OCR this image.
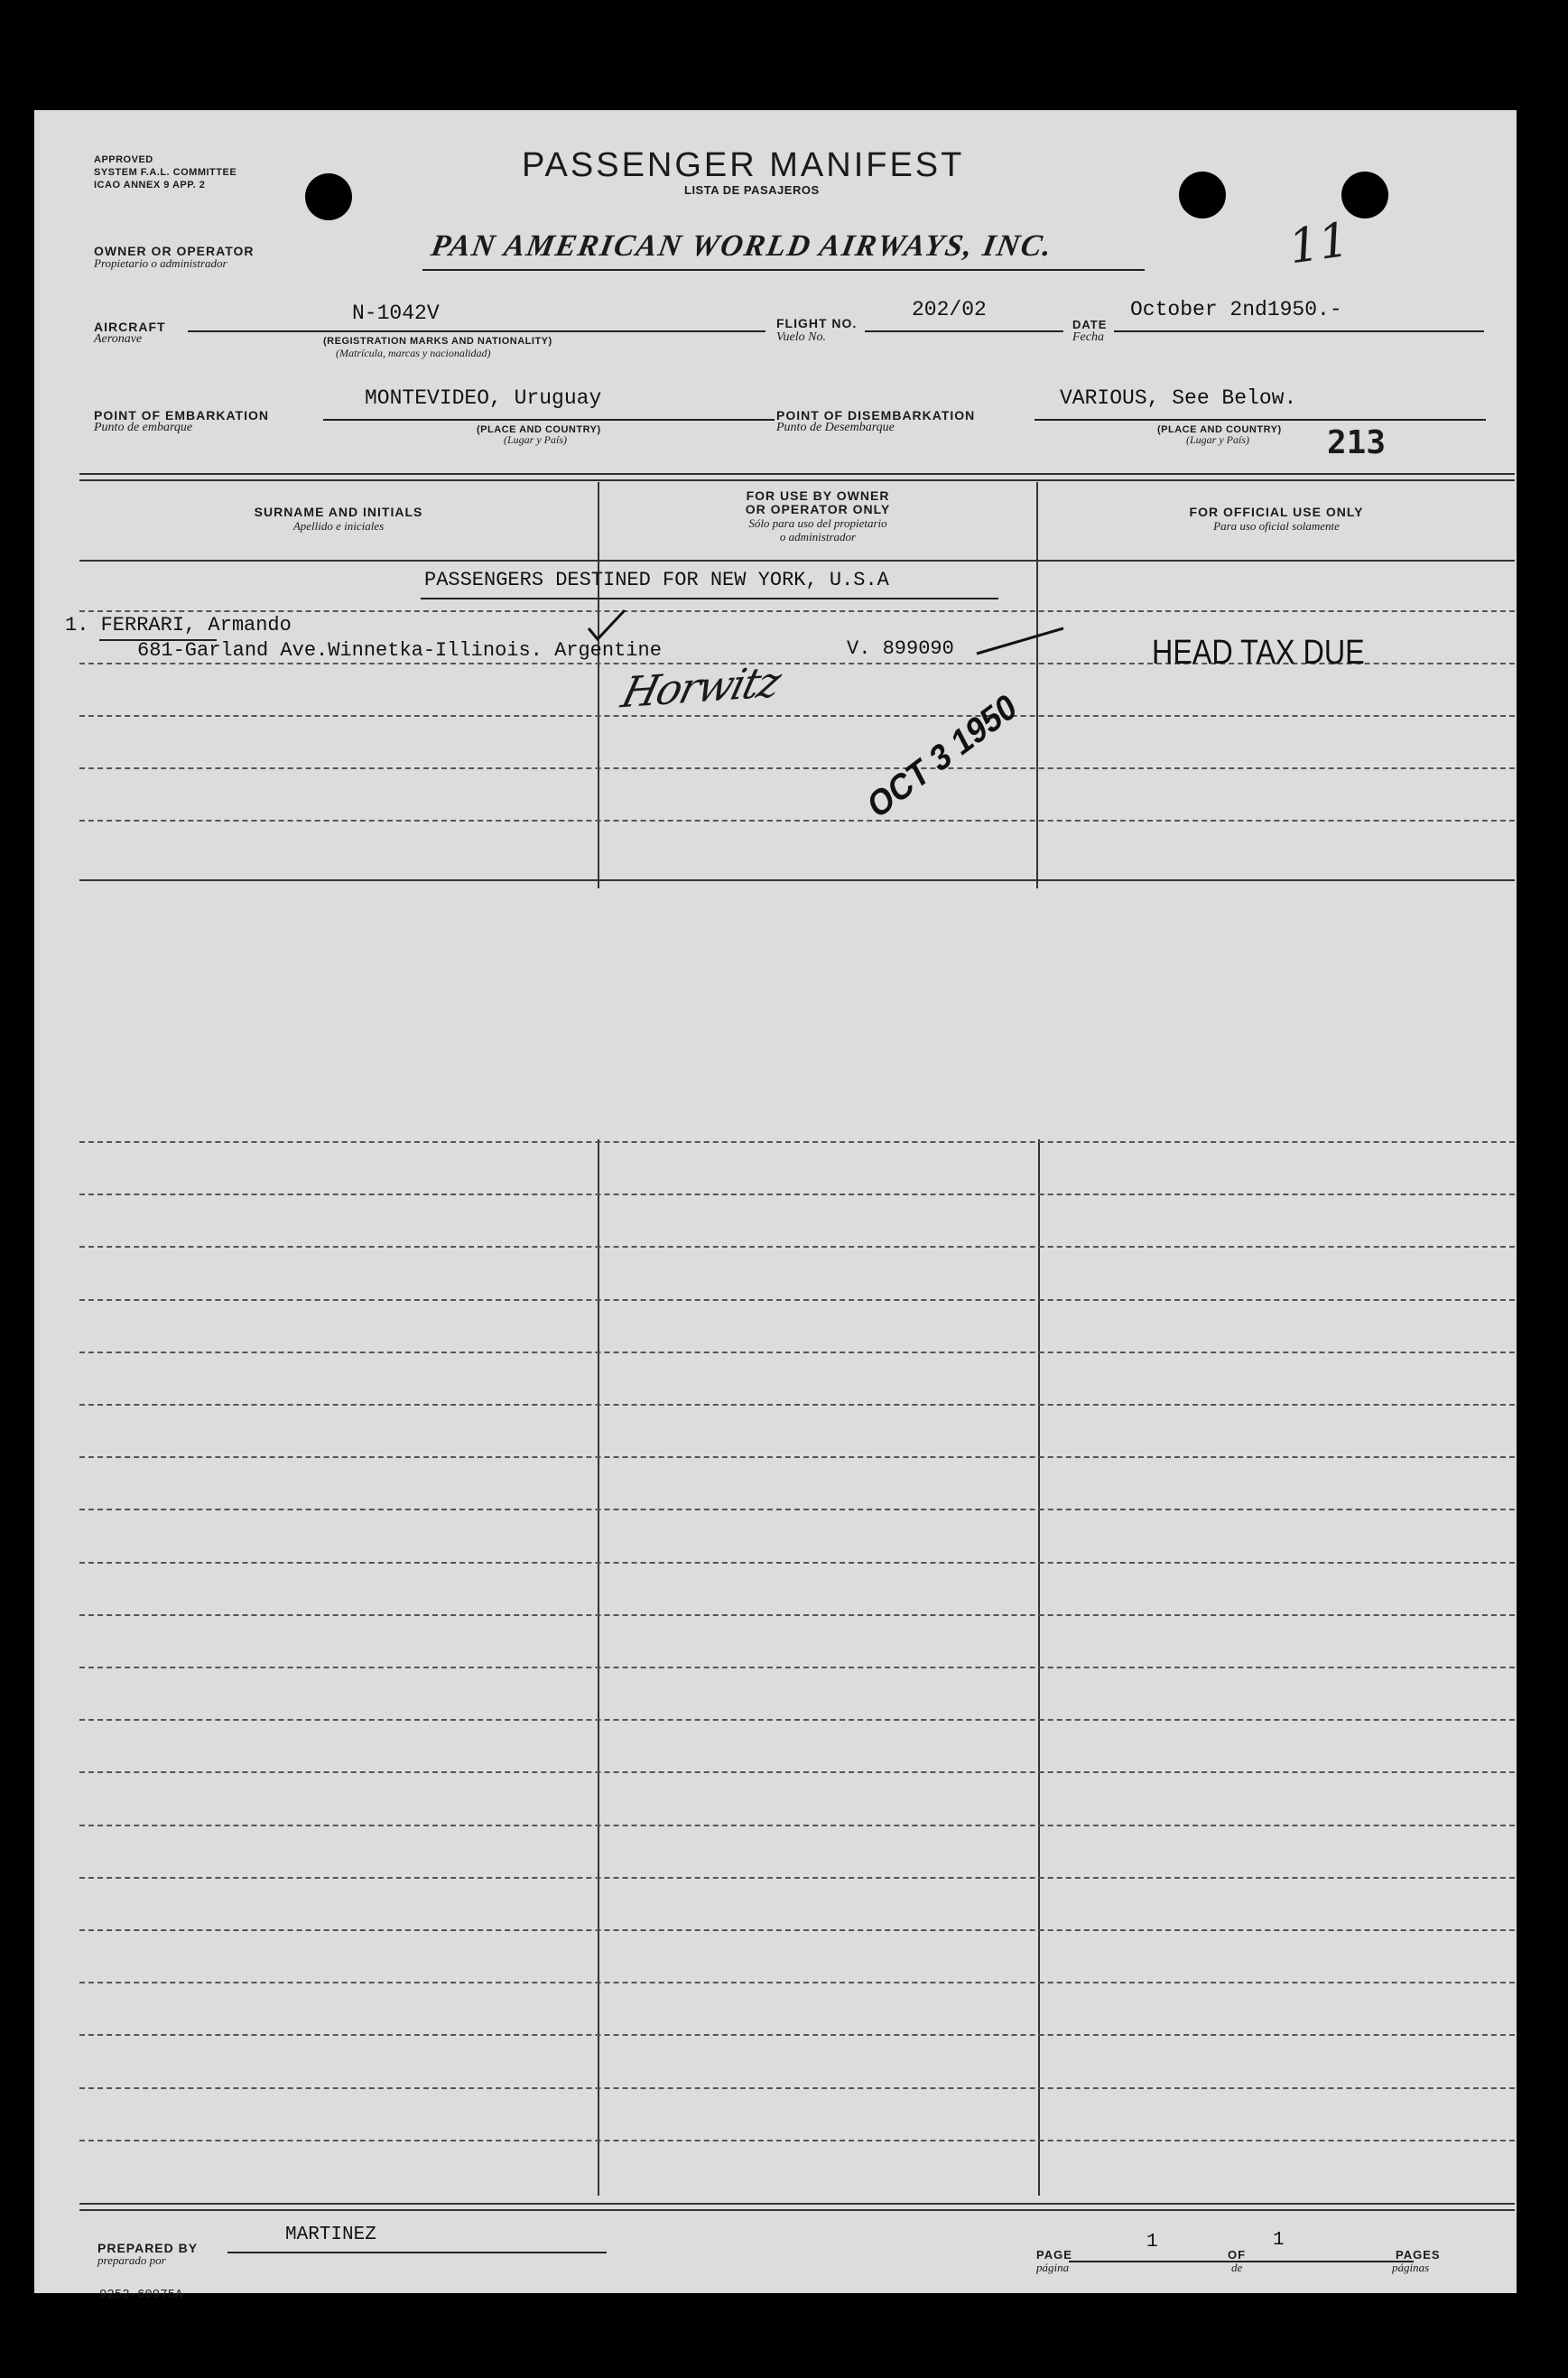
APPROVED
SYSTEM F.A.L. COMMITTEE
ICAO ANNEX 9 APP. 2
PASSENGER MANIFEST
LISTA DE PASAJEROS
OWNER OR OPERATOR
Propietario o administrador
PAN AMERICAN WORLD AIRWAYS, INC.	11
AIRCRAFT
Aeronave
N-1042V
(REGISTRATION MARKS AND NATIONALITY)
(Matrícula, marcas y nacionalidad)
FLIGHT NO.
Vuelo No.
202/02
DATE
Fecha
October 2nd1950.-
POINT OF EMBARKATION
Punto de embarque
MONTEVIDEO, Uruguay
(PLACE AND COUNTRY)
(Lugar y País)
POINT OF DISEMBARKATION
Punto de Desembarque
VARIOUS, See Below.
(PLACE AND COUNTRY)
(Lugar y País) 213
SURNAME AND INITIALS
Apellido e iniciales
FOR USE BY OWNER
OR OPERATOR ONLY
Sólo para uso del propietario
o administrador
FOR OFFICIAL USE ONLY
Para uso oficial solamente
PASSENGERS DESTINED FOR NEW YORK, U.S.A
1. FERRARI, Armando
681-Garland Ave.Winnetka-Illinois. Argentine	V. 899090	HEAD TAX DUE
Horwitz	OCT 3 1950
PREPARED BY
preparado por
MARTINEZ
9252-60975A
PAGE
página
1
OF
de
1
PAGES
páginas
